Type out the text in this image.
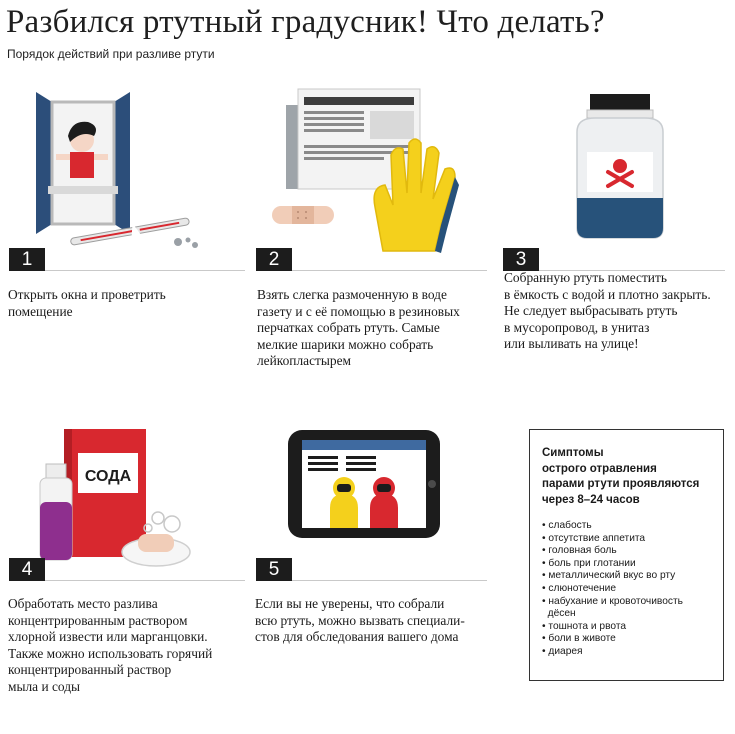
Разбился ртутный градусник! Что делать?
Порядок действий при разливе ртути
1
Открыть окна и проветрить
помещение
2
Взять слегка размоченную в воде
газету и с её помощью в резиновых
перчатках собрать ртуть. Самые
мелкие шарики можно собрать
лейкопластырем
3
Собранную ртуть поместить
в ёмкость с водой и плотно закрыть.
Не следует выбрасывать ртуть
в мусоропровод, в унитаз
или выливать на улице!
СОДА
4
Обработать место разлива
концентрированным раствором
хлорной извести или марганцовки.
Также можно использовать горячий
концентрированный раствор
мыла и соды
5
Если вы не уверены, что собрали
всю ртуть, можно вызвать специали-
стов для обследования вашего дома
Симптомы
острого отравления
парами ртути проявляются
через 8–24 часов
• слабость
• отсутствие аппетита
• головная боль
• боль при глотании
• металлический вкус во рту
• слюнотечение
• набухание и кровоточивость
дёсен
• тошнота и рвота
• боли в животе
• диарея
